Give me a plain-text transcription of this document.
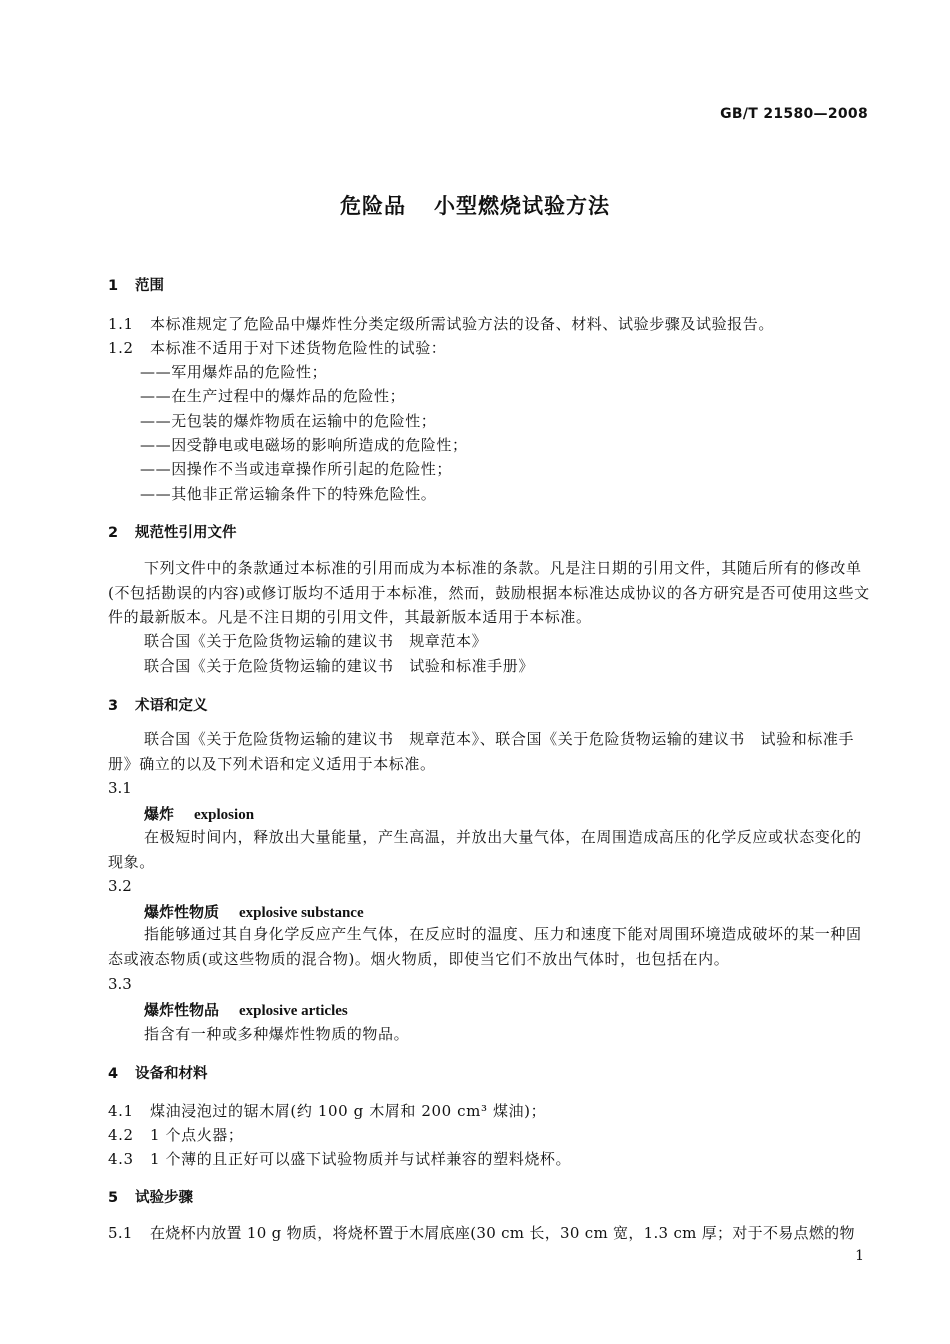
GB/T 21580—2008
危险品 小型燃烧试验方法
1 范围
1.1 本标准规定了危险品中爆炸性分类定级所需试验方法的设备、材料、试验步骤及试验报告。
1.2 本标准不适用于对下述货物危险性的试验：
——军用爆炸品的危险性；
——在生产过程中的爆炸品的危险性；
——无包装的爆炸物质在运输中的危险性；
——因受静电或电磁场的影响所造成的危险性；
——因操作不当或违章操作所引起的危险性；
——其他非正常运输条件下的特殊危险性。
2 规范性引用文件
下列文件中的条款通过本标准的引用而成为本标准的条款。凡是注日期的引用文件，其随后所有的修改单(不包括勘误的内容)或修订版均不适用于本标准，然而，鼓励根据本标准达成协议的各方研究是否可使用这些文件的最新版本。凡是不注日期的引用文件，其最新版本适用于本标准。
联合国《关于危险货物运输的建议书　规章范本》
联合国《关于危险货物运输的建议书　试验和标准手册》
3 术语和定义
联合国《关于危险货物运输的建议书　规章范本》、联合国《关于危险货物运输的建议书　试验和标准手册》确立的以及下列术语和定义适用于本标准。
3.1
爆炸 explosion
在极短时间内，释放出大量能量，产生高温，并放出大量气体，在周围造成高压的化学反应或状态变化的现象。
3.2
爆炸性物质 explosive substance
指能够通过其自身化学反应产生气体，在反应时的温度、压力和速度下能对周围环境造成破坏的某一种固态或液态物质(或这些物质的混合物)。烟火物质，即使当它们不放出气体时，也包括在内。
3.3
爆炸性物品 explosive articles
指含有一种或多种爆炸性物质的物品。
4 设备和材料
4.1 煤油浸泡过的锯木屑(约 100 g 木屑和 200 cm³ 煤油)；
4.2 1 个点火器；
4.3 1 个薄的且正好可以盛下试验物质并与试样兼容的塑料烧杯。
5 试验步骤
5.1 在烧杯内放置 10 g 物质，将烧杯置于木屑底座(30 cm 长，30 cm 宽，1.3 cm 厚；对于不易点燃的物
1
